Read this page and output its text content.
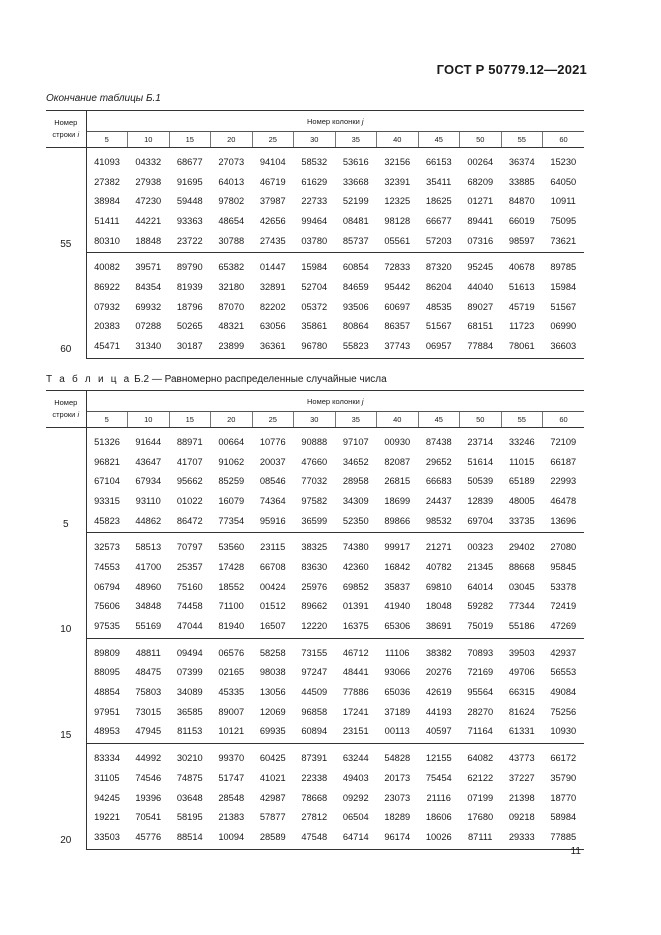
ГОСТ Р 50779.12—2021
Окончание таблицы Б.1
Номер
строки i	Номер колонки j											
	5	10	15	20	25	30	35	40	45	50	55	60
55	41093	04332	68677	27073	94104	58532	53616	32156	66153	00264	36374	15230
	27382	27938	91695	64013	46719	61629	33668	32391	35411	68209	33885	64050
	38984	47230	59448	97802	37987	22733	52199	12325	18625	01271	84870	10911
	51411	44221	93363	48654	42656	99464	08481	98128	66677	89441	66019	75095
	80310	18848	23722	30788	27435	03780	85737	05561	57203	07316	98597	73621
60	40082	39571	89790	65382	01447	15984	60854	72833	87320	95245	40678	89785
	86922	84354	81939	32180	32891	52704	84659	95442	86204	44040	51613	15984
	07932	69932	18796	87070	82202	05372	93506	60697	48535	89027	45719	51567
	20383	07288	50265	48321	63056	35861	80864	86357	51567	68151	11723	06990
	45471	31340	30187	23899	36361	96780	55823	37743	06957	77884	78061	36603
Т а б л и ц а Б.2 — Равномерно распределенные случайные числа
Номер
строки i	Номер колонки j											
	5	10	15	20	25	30	35	40	45	50	55	60
5	51326	91644	88971	00664	10776	90888	97107	00930	87438	23714	33246	72109
	96821	43647	41707	91062	20037	47660	34652	82087	29652	51614	11015	66187
	67104	67934	95662	85259	08546	77032	28958	26815	66683	50539	65189	22993
	93315	93110	01022	16079	74364	97582	34309	18699	24437	12839	48005	46478
	45823	44862	86472	77354	95916	36599	52350	89866	98532	69704	33735	13696
10	32573	58513	70797	53560	23115	38325	74380	99917	21271	00323	29402	27080
	74553	41700	25357	17428	66708	83630	42360	16842	40782	21345	88668	95845
	06794	48960	75160	18552	00424	25976	69852	35837	69810	64014	03045	53378
	75606	34848	74458	71100	01512	89662	01391	41940	18048	59282	77344	72419
	97535	55169	47044	81940	16507	12220	16375	65306	38691	75019	55186	47269
15	89809	48811	09494	06576	58258	73155	46712	11106	38382	70893	39503	42937
	88095	48475	07399	02165	98038	97247	48441	93066	20276	72169	49706	56553
	48854	75803	34089	45335	13056	44509	77886	65036	42619	95564	66315	49084
	97951	73015	36585	89007	12069	96858	17241	37189	44193	28270	81624	75256
	48953	47945	81153	10121	69935	60894	23151	00113	40597	71164	61331	10930
20	83334	44992	30210	99370	60425	87391	63244	54828	12155	64082	43773	66172
	31105	74546	74875	51747	41021	22338	49403	20173	75454	62122	37227	35790
	94245	19396	03648	28548	42987	78668	09292	23073	21116	07199	21398	18770
	19221	70541	58195	21383	57877	27812	06504	18289	18606	17680	09218	58984
	33503	45776	88514	10094	28589	47548	64714	96174	10026	87111	29333	77885
11
